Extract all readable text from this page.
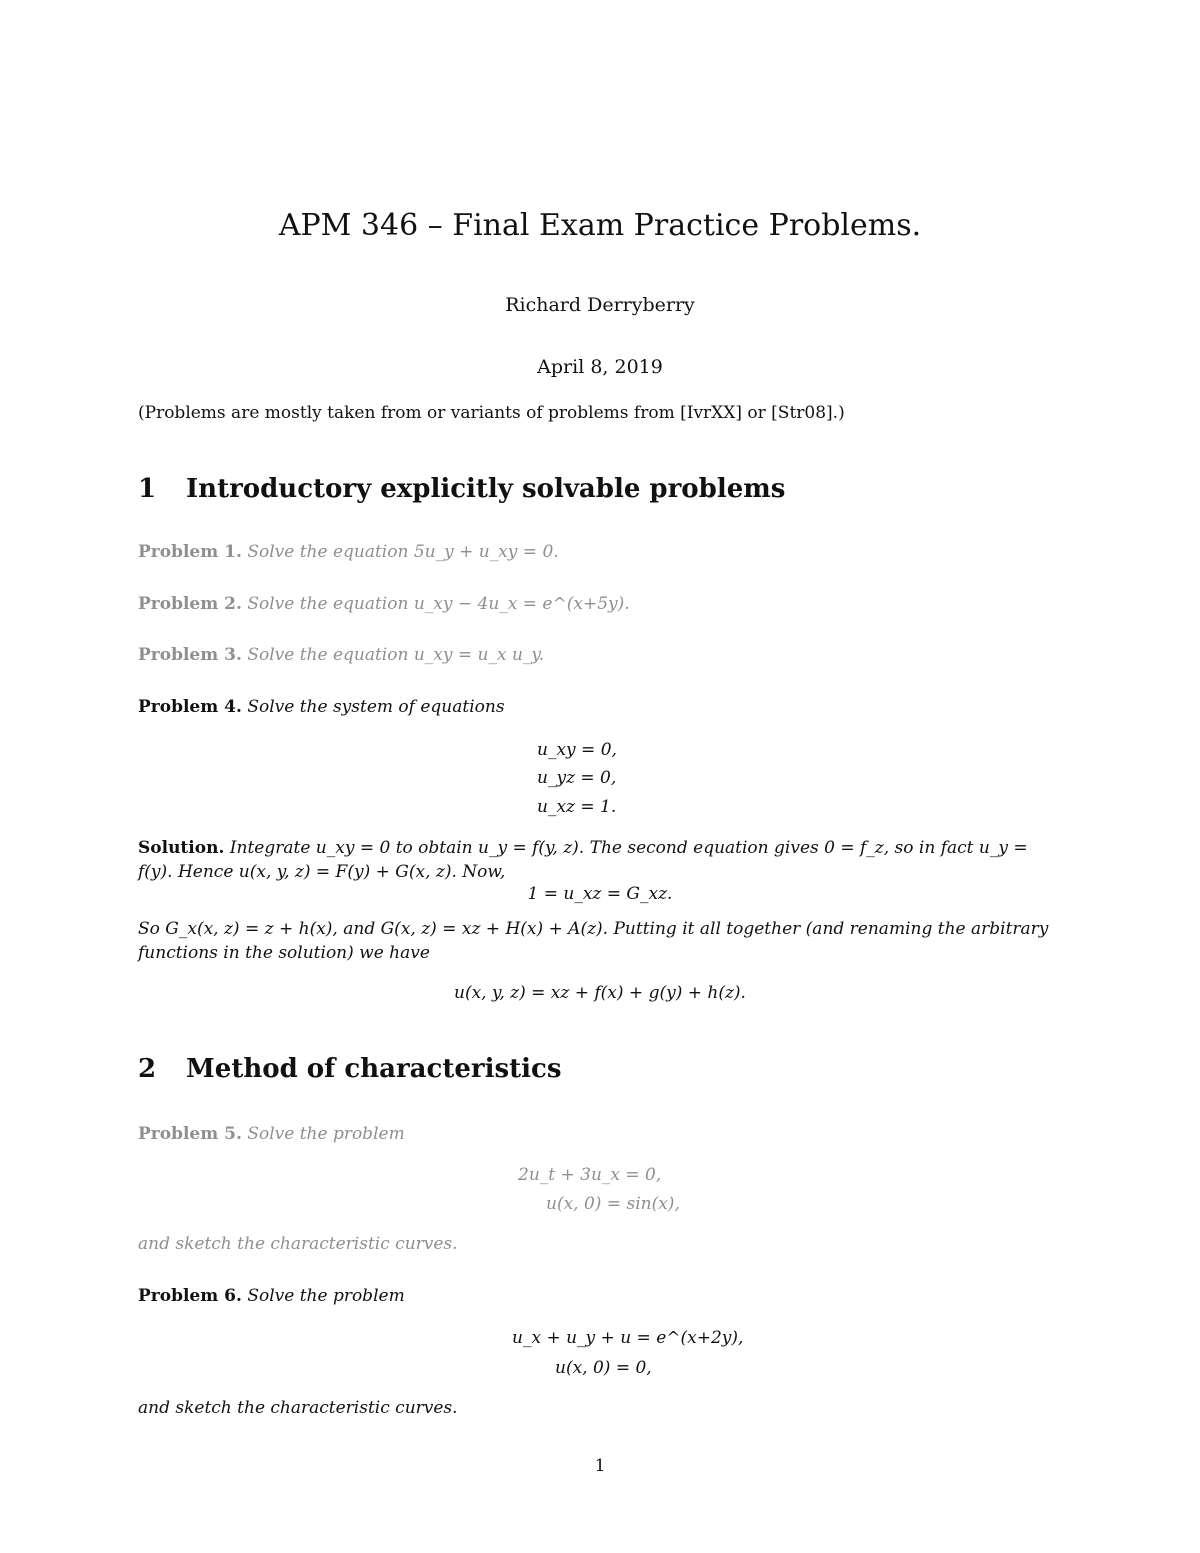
APM 346 – Final Exam Practice Problems.
Richard Derryberry
April 8, 2019
(Problems are mostly taken from or variants of problems from [IvrXX] or [Str08].)
1 Introductory explicitly solvable problems
Problem 1. Solve the equation 5u_y + u_xy = 0.
Problem 2. Solve the equation u_xy − 4u_x = e^(x+5y).
Problem 3. Solve the equation u_xy = u_x u_y.
Problem 4. Solve the system of equations
u_xy = 0,
u_yz = 0,
u_xz = 1.
Solution. Integrate u_xy = 0 to obtain u_y = f(y, z). The second equation gives 0 = f_z, so in fact u_y = f(y). Hence u(x, y, z) = F(y) + G(x, z). Now,
1 = u_xz = G_xz.
So G_x(x, z) = z + h(x), and G(x, z) = xz + H(x) + A(z). Putting it all together (and renaming the arbitrary functions in the solution) we have
u(x, y, z) = xz + f(x) + g(y) + h(z).
2 Method of characteristics
Problem 5. Solve the problem
2u_t + 3u_x = 0,
u(x, 0) = sin(x),
and sketch the characteristic curves.
Problem 6. Solve the problem
u_x + u_y + u = e^(x+2y),
u(x, 0) = 0,
and sketch the characteristic curves.
1
